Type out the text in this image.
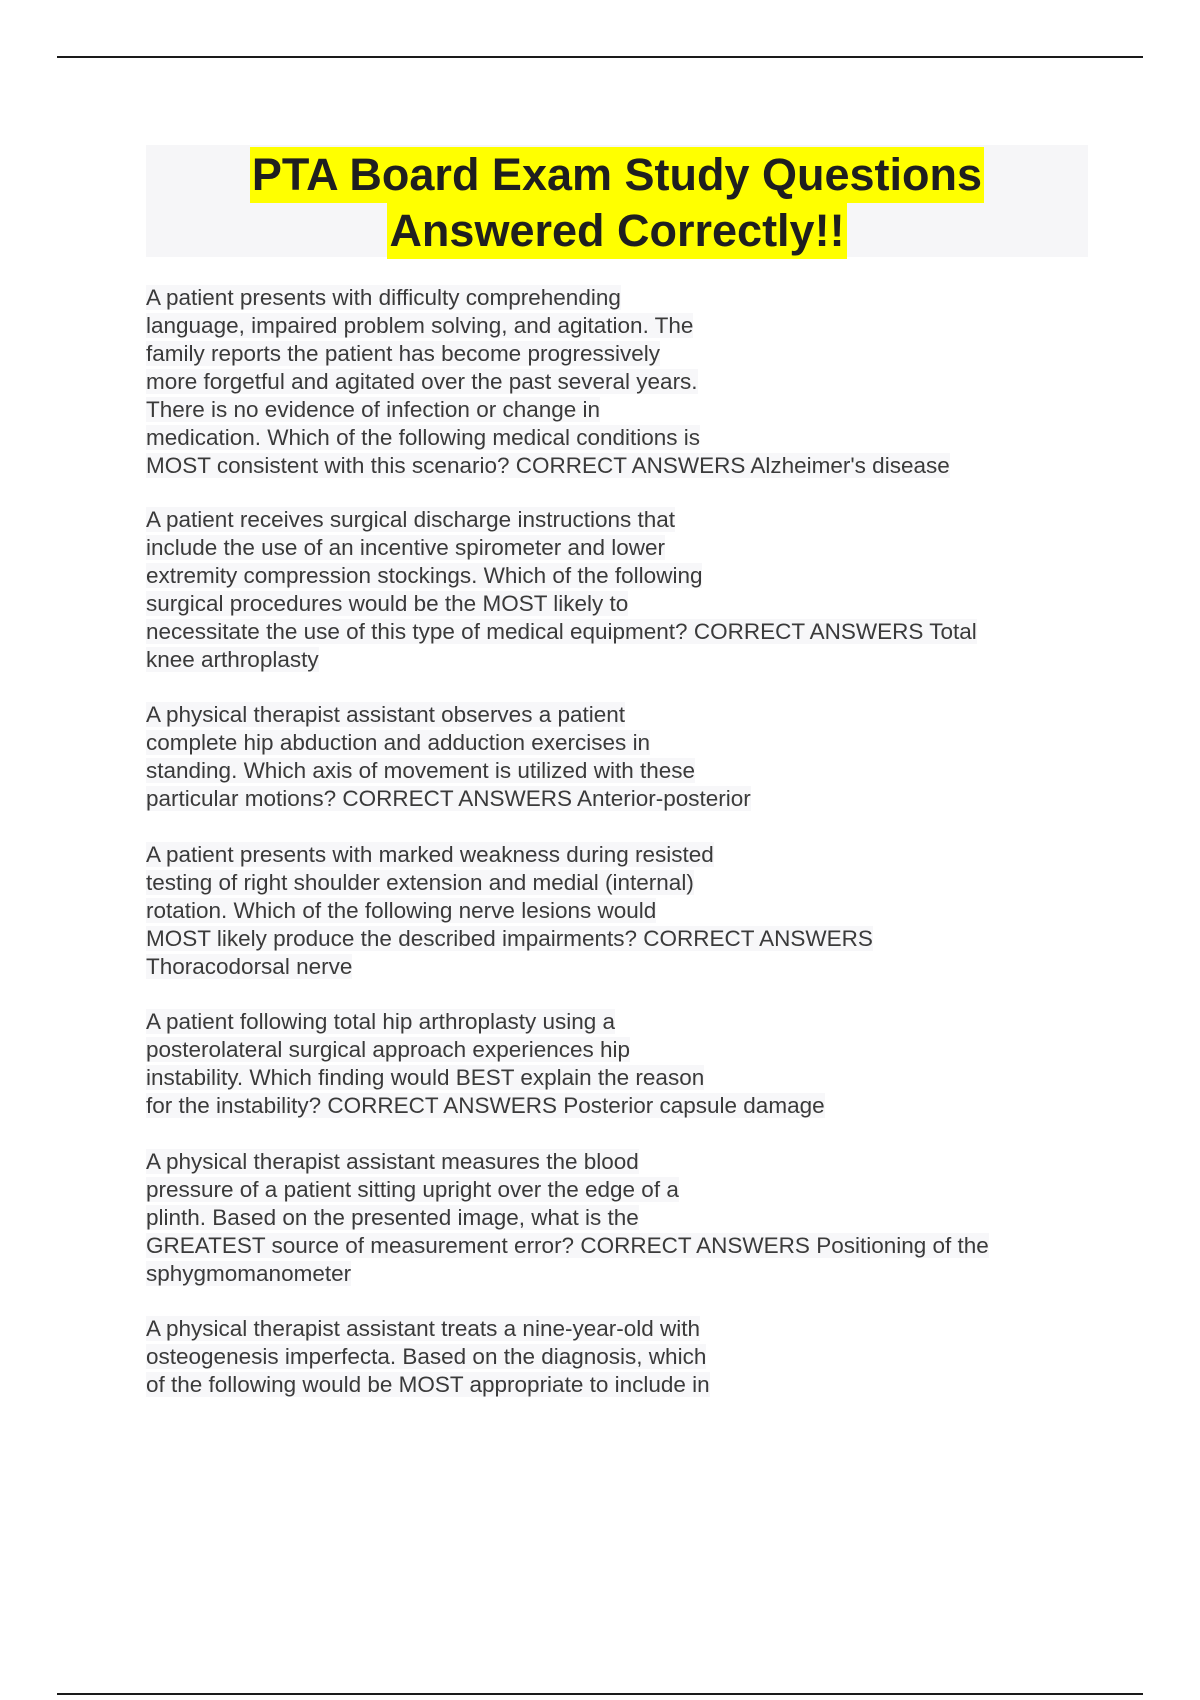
PTA Board Exam Study Questions
Answered Correctly!!
A patient presents with difficulty comprehending
language, impaired problem solving, and agitation. The
family reports the patient has become progressively
more forgetful and agitated over the past several years.
There is no evidence of infection or change in
medication. Which of the following medical conditions is
MOST consistent with this scenario? CORRECT ANSWERS Alzheimer's disease
A patient receives surgical discharge instructions that
include the use of an incentive spirometer and lower
extremity compression stockings. Which of the following
surgical procedures would be the MOST likely to
necessitate the use of this type of medical equipment? CORRECT ANSWERS Total
knee arthroplasty
A physical therapist assistant observes a patient
complete hip abduction and adduction exercises in
standing. Which axis of movement is utilized with these
particular motions? CORRECT ANSWERS Anterior-posterior
A patient presents with marked weakness during resisted
testing of right shoulder extension and medial (internal)
rotation. Which of the following nerve lesions would
MOST likely produce the described impairments? CORRECT ANSWERS
Thoracodorsal nerve
A patient following total hip arthroplasty using a
posterolateral surgical approach experiences hip
instability. Which finding would BEST explain the reason
for the instability? CORRECT ANSWERS Posterior capsule damage
A physical therapist assistant measures the blood
pressure of a patient sitting upright over the edge of a
plinth. Based on the presented image, what is the
GREATEST source of measurement error? CORRECT ANSWERS Positioning of the
sphygmomanometer
A physical therapist assistant treats a nine-year-old with
osteogenesis imperfecta. Based on the diagnosis, which
of the following would be MOST appropriate to include in
